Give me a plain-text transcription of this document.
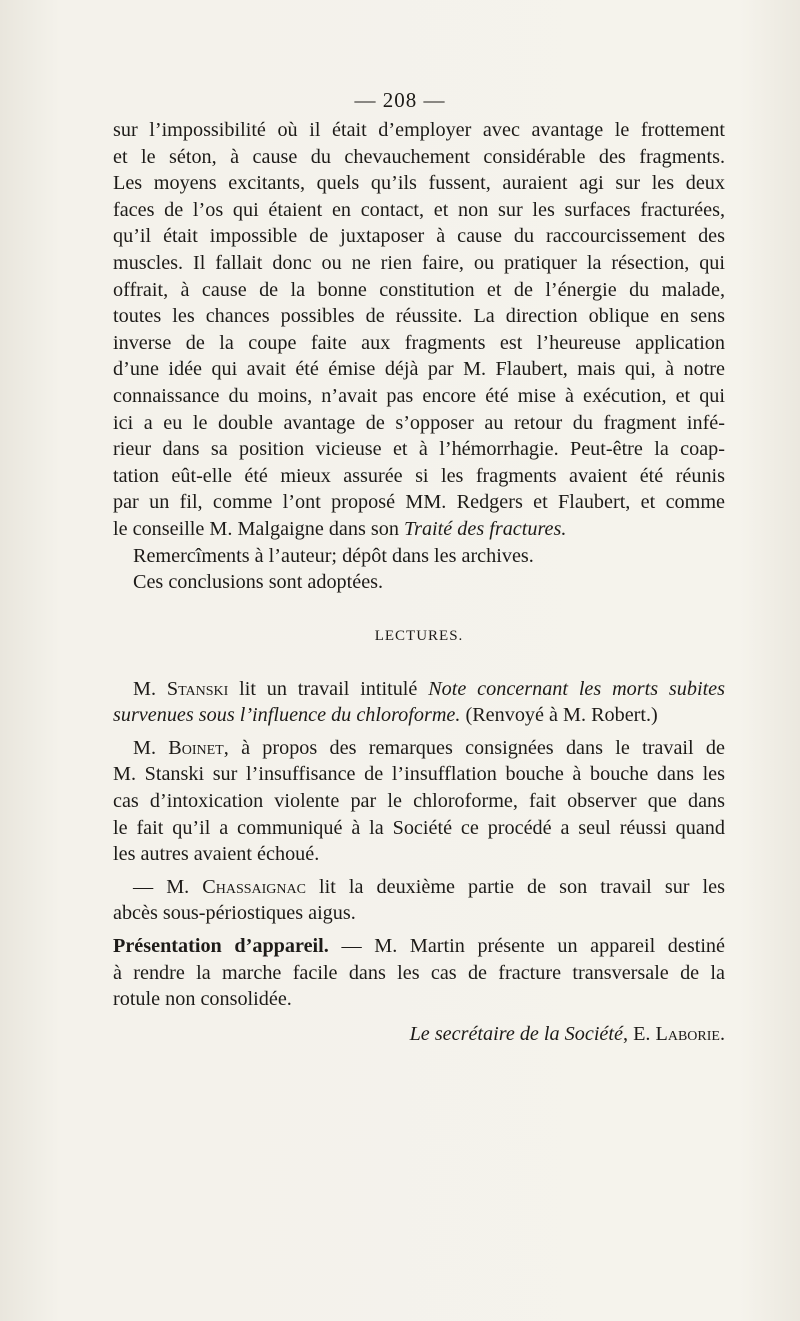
— 208 —
sur l’impossibilité où il était d’employer avec avantage le frottement
et le séton, à cause du chevauchement considérable des fragments.
Les moyens excitants, quels qu’ils fussent, auraient agi sur les deux
faces de l’os qui étaient en contact, et non sur les surfaces fracturées,
qu’il était impossible de juxtaposer à cause du raccourcissement des
muscles. Il fallait donc ou ne rien faire, ou pratiquer la résection, qui
offrait, à cause de la bonne constitution et de l’énergie du malade,
toutes les chances possibles de réussite. La direction oblique en sens
inverse de la coupe faite aux fragments est l’heureuse application
d’une idée qui avait été émise déjà par M. Flaubert, mais qui, à notre
connaissance du moins, n’avait pas encore été mise à exécution, et qui
ici a eu le double avantage de s’opposer au retour du fragment infé-
rieur dans sa position vicieuse et à l’hémorrhagie. Peut-être la coap-
tation eût-elle été mieux assurée si les fragments avaient été réunis
par un fil, comme l’ont proposé MM. Redgers et Flaubert, et comme
le conseille M. Malgaigne dans son Traité des fractures.
Remercîments à l’auteur; dépôt dans les archives.
Ces conclusions sont adoptées.
LECTURES.
M. Stanski lit un travail intitulé Note concernant les morts subites
survenues sous l’influence du chloroforme. (Renvoyé à M. Robert.)
M. Boinet, à propos des remarques consignées dans le travail de
M. Stanski sur l’insuffisance de l’insufflation bouche à bouche dans les
cas d’intoxication violente par le chloroforme, fait observer que dans
le fait qu’il a communiqué à la Société ce procédé a seul réussi quand
les autres avaient échoué.
— M. Chassaignac lit la deuxième partie de son travail sur les
abcès sous-périostiques aigus.
Présentation d’appareil. — M. Martin présente un appareil destiné
à rendre la marche facile dans les cas de fracture transversale de la
rotule non consolidée.
Le secrétaire de la Société, E. Laborie.
